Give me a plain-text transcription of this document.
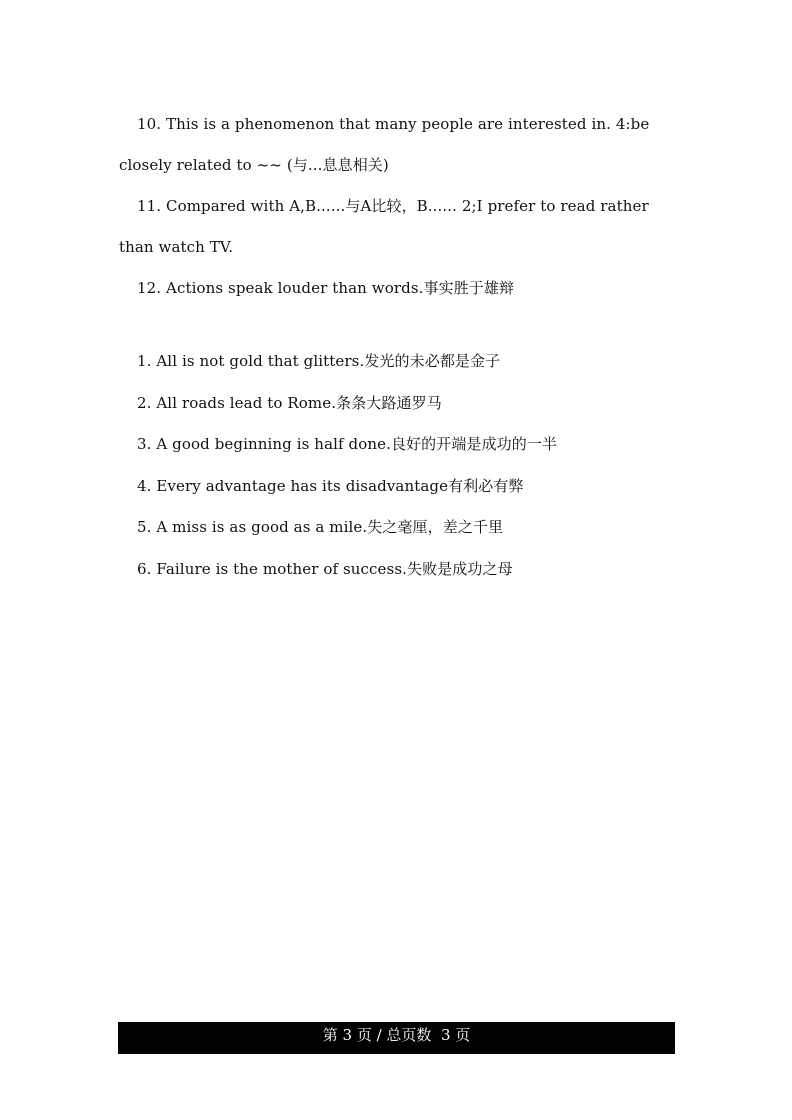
10. This is a phenomenon that many people are interested in. 4:be closely related to ~~ (与...息息相关)

11. Compared with A,B......与A比较，B...... 2;I prefer to read rather than watch TV.

12. Actions speak louder than words.事实胜于雄辩

1. All is not gold that glitters.发光的未必都是金子

2. All roads lead to Rome.条条大路通罗马

3. A good beginning is half done.良好的开端是成功的一半

4. Every advantage has its disadvantage有利必有弊

5. A miss is as good as a mile.失之毫厘，差之千里

6. Failure is the mother of success.失败是成功之母

第 3 页 / 总页数  3 页
